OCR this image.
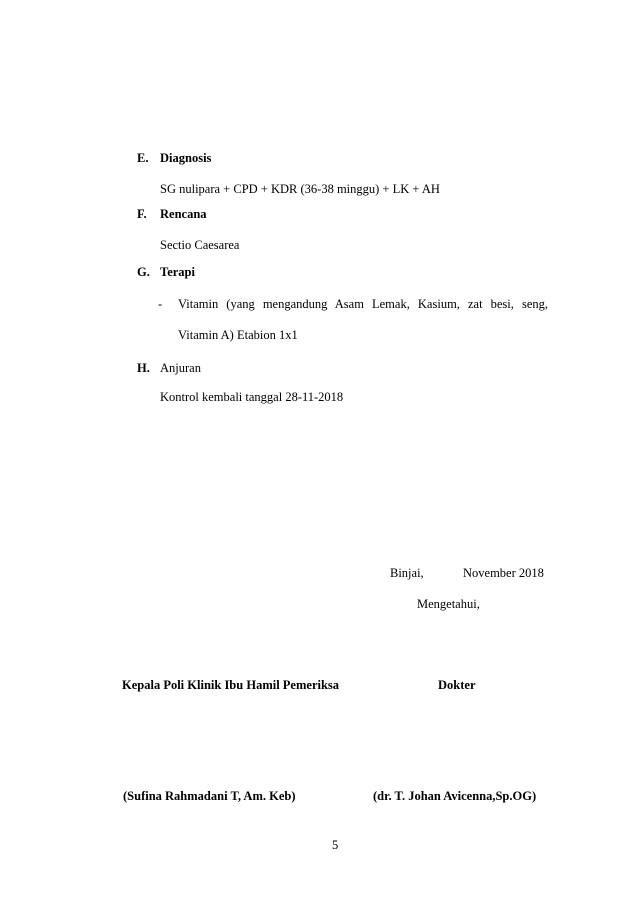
E. Diagnosis
SG nulipara + CPD + KDR (36-38 minggu) + LK + AH
F. Rencana
Sectio Caesarea
G. Terapi
- Vitamin (yang mengandung Asam Lemak, Kasium, zat besi, seng,
Vitamin A) Etabion 1x1
H. Anjuran
Kontrol kembali tanggal 28-11-2018
Binjai,	November 2018
Mengetahui,
Kepala Poli Klinik Ibu Hamil Pemeriksa	Dokter
(Sufina Rahmadani T, Am. Keb)	(dr. T. Johan Avicenna,Sp.OG)
5
